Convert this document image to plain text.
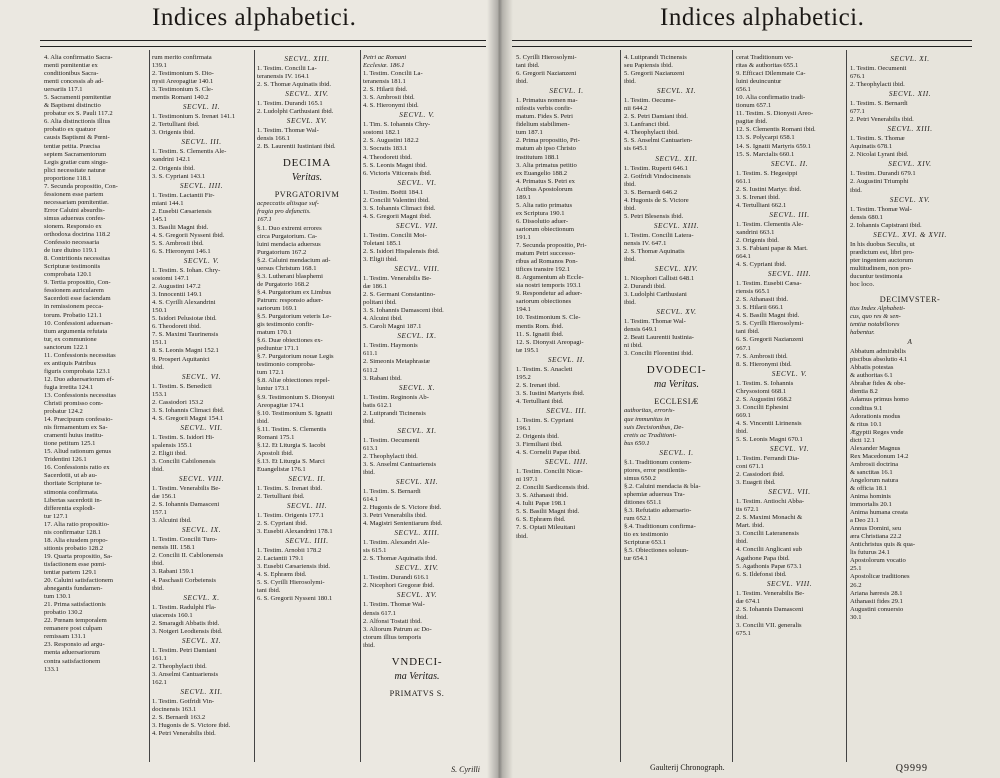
Indices alphabetici.
4. Alia confirmatio Sacra-
menti pœnitentiæ ex
conditionibus Sacra-
menti concessis ab ad-
uersariis 117.1
5. Sacramenti pœnitentiæ
& Baptismi distinctio
probatur ex S. Pauli 117.2
6. Alia distinctionis illius
probatio ex quatuor
causis Baptismi & Pœni-
tentiæ petita. Præcisa
septem Sacramentorum
Legis gratiæ cum singu-
plici necessitate naturæ
proportione 118.1
7. Secunda propositio, Con-
fessionem esse partem
necessariam pœnitentiæ.
Error Caluini absurdis-
simus aduersus confes-
sionem. Responsio ex
orthodoxa doctrina 118.2
Confessio necessaria
de iure diuino 119.1
8. Contritionis necessitas
Scripturæ testimoniis
comprobata 120.1
9. Tertia propositio, Con-
fessionem auricularem
Sacerdoti esse faciendam
in remissionem pecca-
torum. Probatio 121.1
10. Confessioni aduersan-
tium argumenta refutata
tur, ex communione
sanctorum 122.1
11. Confessionis necessitas
ex antiquis Patribus
figuris comprobata 123.1
12. Duo aduersariorum ef-
fugia irretita 124.1
13. Confessionis necessitas
Christi promisso com-
probatur 124.2
14. Præcipuum confessio-
nis firmamentum ex Sa-
cramenti huius institu-
tione petitum 125.1
15. Aliud rationum genus
Tridentini 126.1
16. Confessionis ratio ex
Sacerdotii, ut ab au-
thoritate Scripturæ te-
stimonia confirmata.
Libertas sacerdotii in-
differentia explodi-
tur 127.1
17. Alia ratio propositio-
nis confirmatur 128.1
18. Alia eiusdem propo-
sitionis probatio 128.2
19. Quarta propositio, Sa-
tisfactionem esse pœni-
tentiæ partem 129.1
20. Caluini satisfactionem
abnegantis fundamen-
tum 130.1
21. Prima satisfactionis
probatio 130.2
22. Pœnam temporalem
remanere post culpam
remissam 131.1
23. Responsio ad argu-
menta aduersariorum
contra satisfactionem
133.1
rum merito confirmata
139.1
2. Testimonium S. Dio-
nysii Areopagitæ 140.1
3. Testimonium S. Cle-
mentis Romani 140.2
SECVL. II.
1. Testimonium S. Irenæi 141.1
2. Tertulliani ibid.
3. Origenis ibid.
SECVL. III.
1. Testim. S. Clementis Ale-
xandrini 142.1
2. Origenis ibid.
3. S. Cypriani 143.1
SECVL. IIII.
1. Testim. Lactantii Fir-
miani 144.1
2. Eusebii Cæsariensis
145.1
3. Basilii Magni ibid.
4. S. Gregorii Nysseni ibid.
5. S. Ambrosii ibid.
6. S. Hieronymi 146.1
SECVL. V.
1. Testim. S. Iohan. Chry-
sostomi 147.1
2. Augustini 147.2
3. Innocentii 149.1
4. S. Cyrilli Alexandrini
150.1
5. Isidori Pelusiotæ ibid.
6. Theodoreti ibid.
7. S. Maximi Taurinensis
151.1
8. S. Leonis Magni 152.1
9. Prosperi Aquitanici
ibid.
SECVL. VI.
1. Testim. S. Benedicti
153.1
2. Cassiodori 153.2
3. S. Iohannis Climaci ibid.
4. S. Gregorii Magni 154.1
SECVL. VII.
1. Testim. S. Isidori Hi-
spalensis 155.1
2. Eligii ibid.
3. Concilii Cabilonensis
ibid.
SECVL. VIII.
1. Testim. Venerabilis Be-
dæ 156.1
2. S. Iohannis Damasceni
157.1
3. Alcuini ibid.
SECVL. IX.
1. Testim. Concilii Turo-
nensis III. 158.1
2. Concilii II. Cabilonensis
ibid.
3. Rabani 159.1
4. Paschasii Corbeiensis
ibid.
SECVL. X.
1. Testim. Radulphi Fla-
uiacensis 160.1
2. Smaragdi Abbatis ibid.
3. Notgeri Leodiensis ibid.
SECVL. XI.
1. Testim. Petri Damiani
161.1
2. Theophylacti ibid.
3. Anselmi Cantuariensis
162.1
SECVL. XII.
1. Testim. Gotfridi Vin-
docinensis 163.1
2. S. Bernardi 163.2
3. Hugonis de S. Victore ibid.
4. Petri Venerabilis ibid.
SECVL. XIII.
1. Testim. Concilii La-
teranensis IV. 164.1
2. S. Thomæ Aquinatis ibid.
SECVL. XIV.
1. Testim. Durandi 165.1
2. Ludolphi Carthusiani ibid.
SECVL. XV.
1. Testim. Thomæ Wal-
densis 166.1
2. B. Laurentii Iustiniani ibid.
DECIMA
Veritas.
PVRGATORIVM
acpeccatis aliisque suf-
fragia pro defunctis.
167.1
§.1. Duo extremi errores
circa Purgatorium. Ca-
luini mendacia aduersus
Purgatorium 167.2
§.2. Caluini mendacium ad-
uersus Christum 168.1
§.3. Lutherani blasphemi
de Purgatorio 168.2
§.4. Purgatorium ex Limbus
Patrum: responsio aduer-
sariorum 169.1
§.5. Purgatorium veteris Le-
gis testimonio confir-
matum 170.1
§.6. Duæ obiectiones ex-
pediuntur 171.1
§.7. Purgatorium nouæ Legis
testimonio comproba-
tum 172.1
§.8. Aliæ obiectiones repel-
luntur 173.1
§.9. Testimonium S. Dionysii
Areopagitæ 174.1
§.10. Testimonium S. Ignatii
ibid.
§.11. Testim. S. Clementis
Romani 175.1
§.12. Et Liturgia S. Iacobi
Apostoli ibid.
§.13. Et Liturgia S. Marci
Euangelistæ 176.1
SECVL. II.
1. Testim. S. Irenæi ibid.
2. Tertulliani ibid.
SECVL. III.
1. Testim. Origenis 177.1
2. S. Cypriani ibid.
3. Eusebii Alexandrini 178.1
SECVL. IIII.
1. Testim. Arnobii 178.2
2. Lactantii 179.1
3. Eusebii Cæsariensis ibid.
4. S. Ephræm ibid.
5. S. Cyrilli Hierosolymi-
tani ibid.
6. S. Gregorii Nysseni 180.1
Petri ac Romani
Ecclesiæ. 186.1
1. Testim. Concilii La-
teranensis 181.1
2. S. Hilarii ibid.
3. S. Ambrosii ibid.
4. S. Hieronymi ibid.
SECVL. V.
1. Tim. S. Iohannis Chry-
sostomi 182.1
2. S. Augustini 182.2
3. Socratis 183.1
4. Theodoreti ibid.
5. S. Leonis Magni ibid.
6. Victoris Viticensis ibid.
SECVL. VI.
1. Testim. Boëtii 184.1
2. Concilii Valentini ibid.
3. S. Iohannis Climaci ibid.
4. S. Gregorii Magni ibid.
SECVL. VII.
1. Testim. Concilii Moi-
Toletani 185.1
2. S. Isidori Hispalensis ibid.
3. Eligii ibid.
SECVL. VIII.
1. Testim. Venerabilis Be-
dæ 186.1
2. S. Germani Constantino-
politani ibid.
3. S. Iohannis Damasceni ibid.
4. Alcuini ibid.
5. Caroli Magni 187.1
SECVL. IX.
1. Testim. Haymonis
611.1
2. Simeonis Metaphrastæ
611.2
3. Rabani ibid.
SECVL. X.
1. Testim. Reginonis Ab-
batis 612.1
2. Luitprandi Ticinensis
ibid.
SECVL. XI.
1. Testim. Oecumenii
613.1
2. Theophylacti ibid.
3. S. Anselmi Cantuariensis
ibid.
SECVL. XII.
1. Testim. S. Bernardi
614.1
2. Hugonis de S. Victore ibid.
3. Petri Venerabilis ibid.
4. Magistri Sententiarum ibid.
SECVL. XIII.
1. Testim. Alexandri Ale-
sis 615.1
2. S. Thomæ Aquinatis ibid.
SECVL. XIV.
1. Testim. Durandi 616.1
2. Nicephori Gregoræ ibid.
SECVL. XV.
1. Testim. Thomæ Wal-
densis 617.1
2. Alfonsi Tostati ibid.
3. Aliorum Patrum ac Do-
ctorum illius temporis
ibid.
VNDECI-
ma Veritas.
PRIMATVS S.
S. Cyrilli
Indices alphabetici.
5. Cyrilli Hierosolymi-
tani ibid.
6. Gregorii Nazianzeni
ibid.
SECVL. I.
1. Primatus nomen ma-
nifestis verbis confir-
matum. Fides S. Petri
fidelium stabilimen-
tum 187.1
2. Prima propositio, Pri-
matum ab ipso Christo
institutum 188.1
3. Alia primatus petitio
ex Euangelio 188.2
4. Primatus S. Petri ex
Actibus Apostolorum
189.1
5. Alia ratio primatus
ex Scriptura 190.1
6. Dissolutio aduer-
sariorum obiectionum
191.1
7. Secunda propositio, Pri-
matum Petri successo-
ribus ad Romanos Pon-
tifices transire 192.1
8. Argumentum ab Eccle-
sia nostri temporis 193.1
9. Respondetur ad aduer-
sariorum obiectiones
194.1
10. Testimonium S. Cle-
mentis Rom. ibid.
11. S. Ignatii ibid.
12. S. Dionysii Areopagi-
tæ 195.1
SECVL. II.
1. Testim. S. Anacleti
195.2
2. S. Irenæi ibid.
3. S. Iustini Martyris ibid.
4. Tertulliani ibid.
SECVL. III.
1. Testim. S. Cypriani
196.1
2. Origenis ibid.
3. Firmiliani ibid.
4. S. Cornelii Papæ ibid.
SECVL. IIII.
1. Testim. Concilii Nicæ-
ni 197.1
2. Concilii Sardicensis ibid.
3. S. Athanasii ibid.
4. Iulii Papæ 198.1
5. S. Basilii Magni ibid.
6. S. Ephræm ibid.
7. S. Optati Mileuitani
ibid.
4. Luitprandi Ticinensis
seu Papiensis ibid.
5. Gregorii Nazianzeni
ibid.
SECVL. XI.
1. Testim. Oecume-
nii 644.2
2. S. Petri Damiani ibid.
3. Lanfranci ibid.
4. Theophylacti ibid.
5. S. Anselmi Cantuarien-
sis 645.1
SECVL. XII.
1. Testim. Ruperti 646.1
2. Gotfridi Vindocinensis
ibid.
3. S. Bernardi 646.2
4. Hugonis de S. Victore
ibid.
5. Petri Blesensis ibid.
SECVL. XIII.
1. Testim. Concilii Latera-
nensis IV. 647.1
2. S. Thomæ Aquinatis
ibid.
SECVL. XIV.
1. Nicephori Callisti 648.1
2. Durandi ibid.
3. Ludolphi Carthusiani
ibid.
SECVL. XV.
1. Testim. Thomæ Wal-
densis 649.1
2. Beati Laurentii Iustinia-
ni ibid.
3. Concilii Florentini ibid.
DVODECI-
ma Veritas.
ECCLESIÆ
authoritas, erroris-
que immunitas in
suis Decisionibus, De-
cretis ac Traditioni-
bus 650.1
SECVL. I.
§.1. Traditionum contem-
ptores, error pestilentis-
simus 650.2
§.2. Caluini mendacia & bla-
sphemiæ aduersus Tra-
ditiones 651.1
§.3. Refutatio aduersario-
rum 652.1
§.4. Traditionum confirma-
tio ex testimonio
Scripturæ 653.1
§.5. Obiectiones soluun-
tur 654.1
cerat Traditionum ve-
ritas & authoritas 655.1
9. Efficaci Dilemmate Ca-
luini deuincuntur
656.1
10. Alia confirmatio tradi-
tionum 657.1
11. Testim. S. Dionysii Areo-
pagitæ ibid.
12. S. Clementis Romani ibid.
13. S. Polycarpi 658.1
14. S. Ignatii Martyris 659.1
15. S. Marcialis 660.1
SECVL. II.
1. Testim. S. Hegesippi
661.1
2. S. Iustini Martyr. ibid.
3. S. Irenæi ibid.
4. Tertulliani 662.1
SECVL. III.
1. Testim. Clementis Ale-
xandrini 663.1
2. Origenis ibid.
3. S. Fabiani papæ & Mart.
664.1
4. S. Cypriani ibid.
SECVL. IIII.
1. Testim. Eusebii Cæsa-
riensis 665.1
2. S. Athanasii ibid.
3. S. Hilarii 666.1
4. S. Basilii Magni ibid.
5. S. Cyrilli Hierosolymi-
tani ibid.
6. S. Gregorii Nazianzeni
667.1
7. S. Ambrosii ibid.
8. S. Hieronymi ibid.
SECVL. V.
1. Testim. S. Iohannis
Chrysostomi 668.1
2. S. Augustini 668.2
3. Concilii Ephesini
669.1
4. S. Vincentii Lirinensis
ibid.
5. S. Leonis Magni 670.1
SECVL. VI.
1. Testim. Ferrandi Dia-
coni 671.1
2. Cassiodori ibid.
3. Euagrii ibid.
SECVL. VII.
1. Testim. Antiochi Abba-
tis 672.1
2. S. Maximi Monachi &
Mart. ibid.
3. Concilii Lateranensis
ibid.
4. Concilii Anglicani sub
Agathone Papa ibid.
5. Agathonis Papæ 673.1
6. S. Ildefonsi ibid.
SECVL. VIII.
1. Testim. Venerabilis Be-
dæ 674.1
2. S. Iohannis Damasceni
ibid.
3. Concilii VII. generalis
675.1
SECVL. XI.
1. Testim. Oecumenii
676.1
2. Theophylacti ibid.
SECVL. XII.
1. Testim. S. Bernardi
677.1
2. Petri Venerabilis ibid.
SECVL. XIII.
1. Testim. S. Thomæ
Aquinatis 678.1
2. Nicolai Lyrani ibid.
SECVL. XIV.
1. Testim. Durandi 679.1
2. Augustini Triumphi
ibid.
SECVL. XV.
1. Testim. Thomæ Wal-
densis 680.1
2. Iohannis Capistrani ibid.
SECVL. XVI. & XVII.
In his duobus Seculis, ut
prædictum est, libri pro-
pter ingentem auctorum
multitudinem, non pro-
ducuntur testimonia
hoc loco.
DECIMVSTER-
tius Index Alphabeti-
cus, quo res & sen-
tentiæ notabiliores
habentur.
A
Abbatum admirabilis
piscibus absolutio 4.1
Abbatis potestas
& authoritas 6.1
Abrahæ fides & obe-
dientia 8.2
Adamus primus homo
conditus 9.1
Adorationis modus
& ritus 10.1
Ægyptii Reges vnde
dicti 12.1
Alexander Magnus
Rex Macedonum 14.2
Ambrosii doctrina
& sanctitas 16.1
Angelorum natura
& officia 18.1
Anima hominis
immortalis 20.1
Anima humana creata
a Deo 21.1
Annus Domini, seu
æra Christiana 22.2
Antichristus quis & qua-
lis futurus 24.1
Apostolorum vocatio
25.1
Apostolicæ traditiones
26.2
Ariana hæresis 28.1
Athanasii fides 29.1
Augustini conuersio
30.1
Gaulterij Chronograph.	Q9999
